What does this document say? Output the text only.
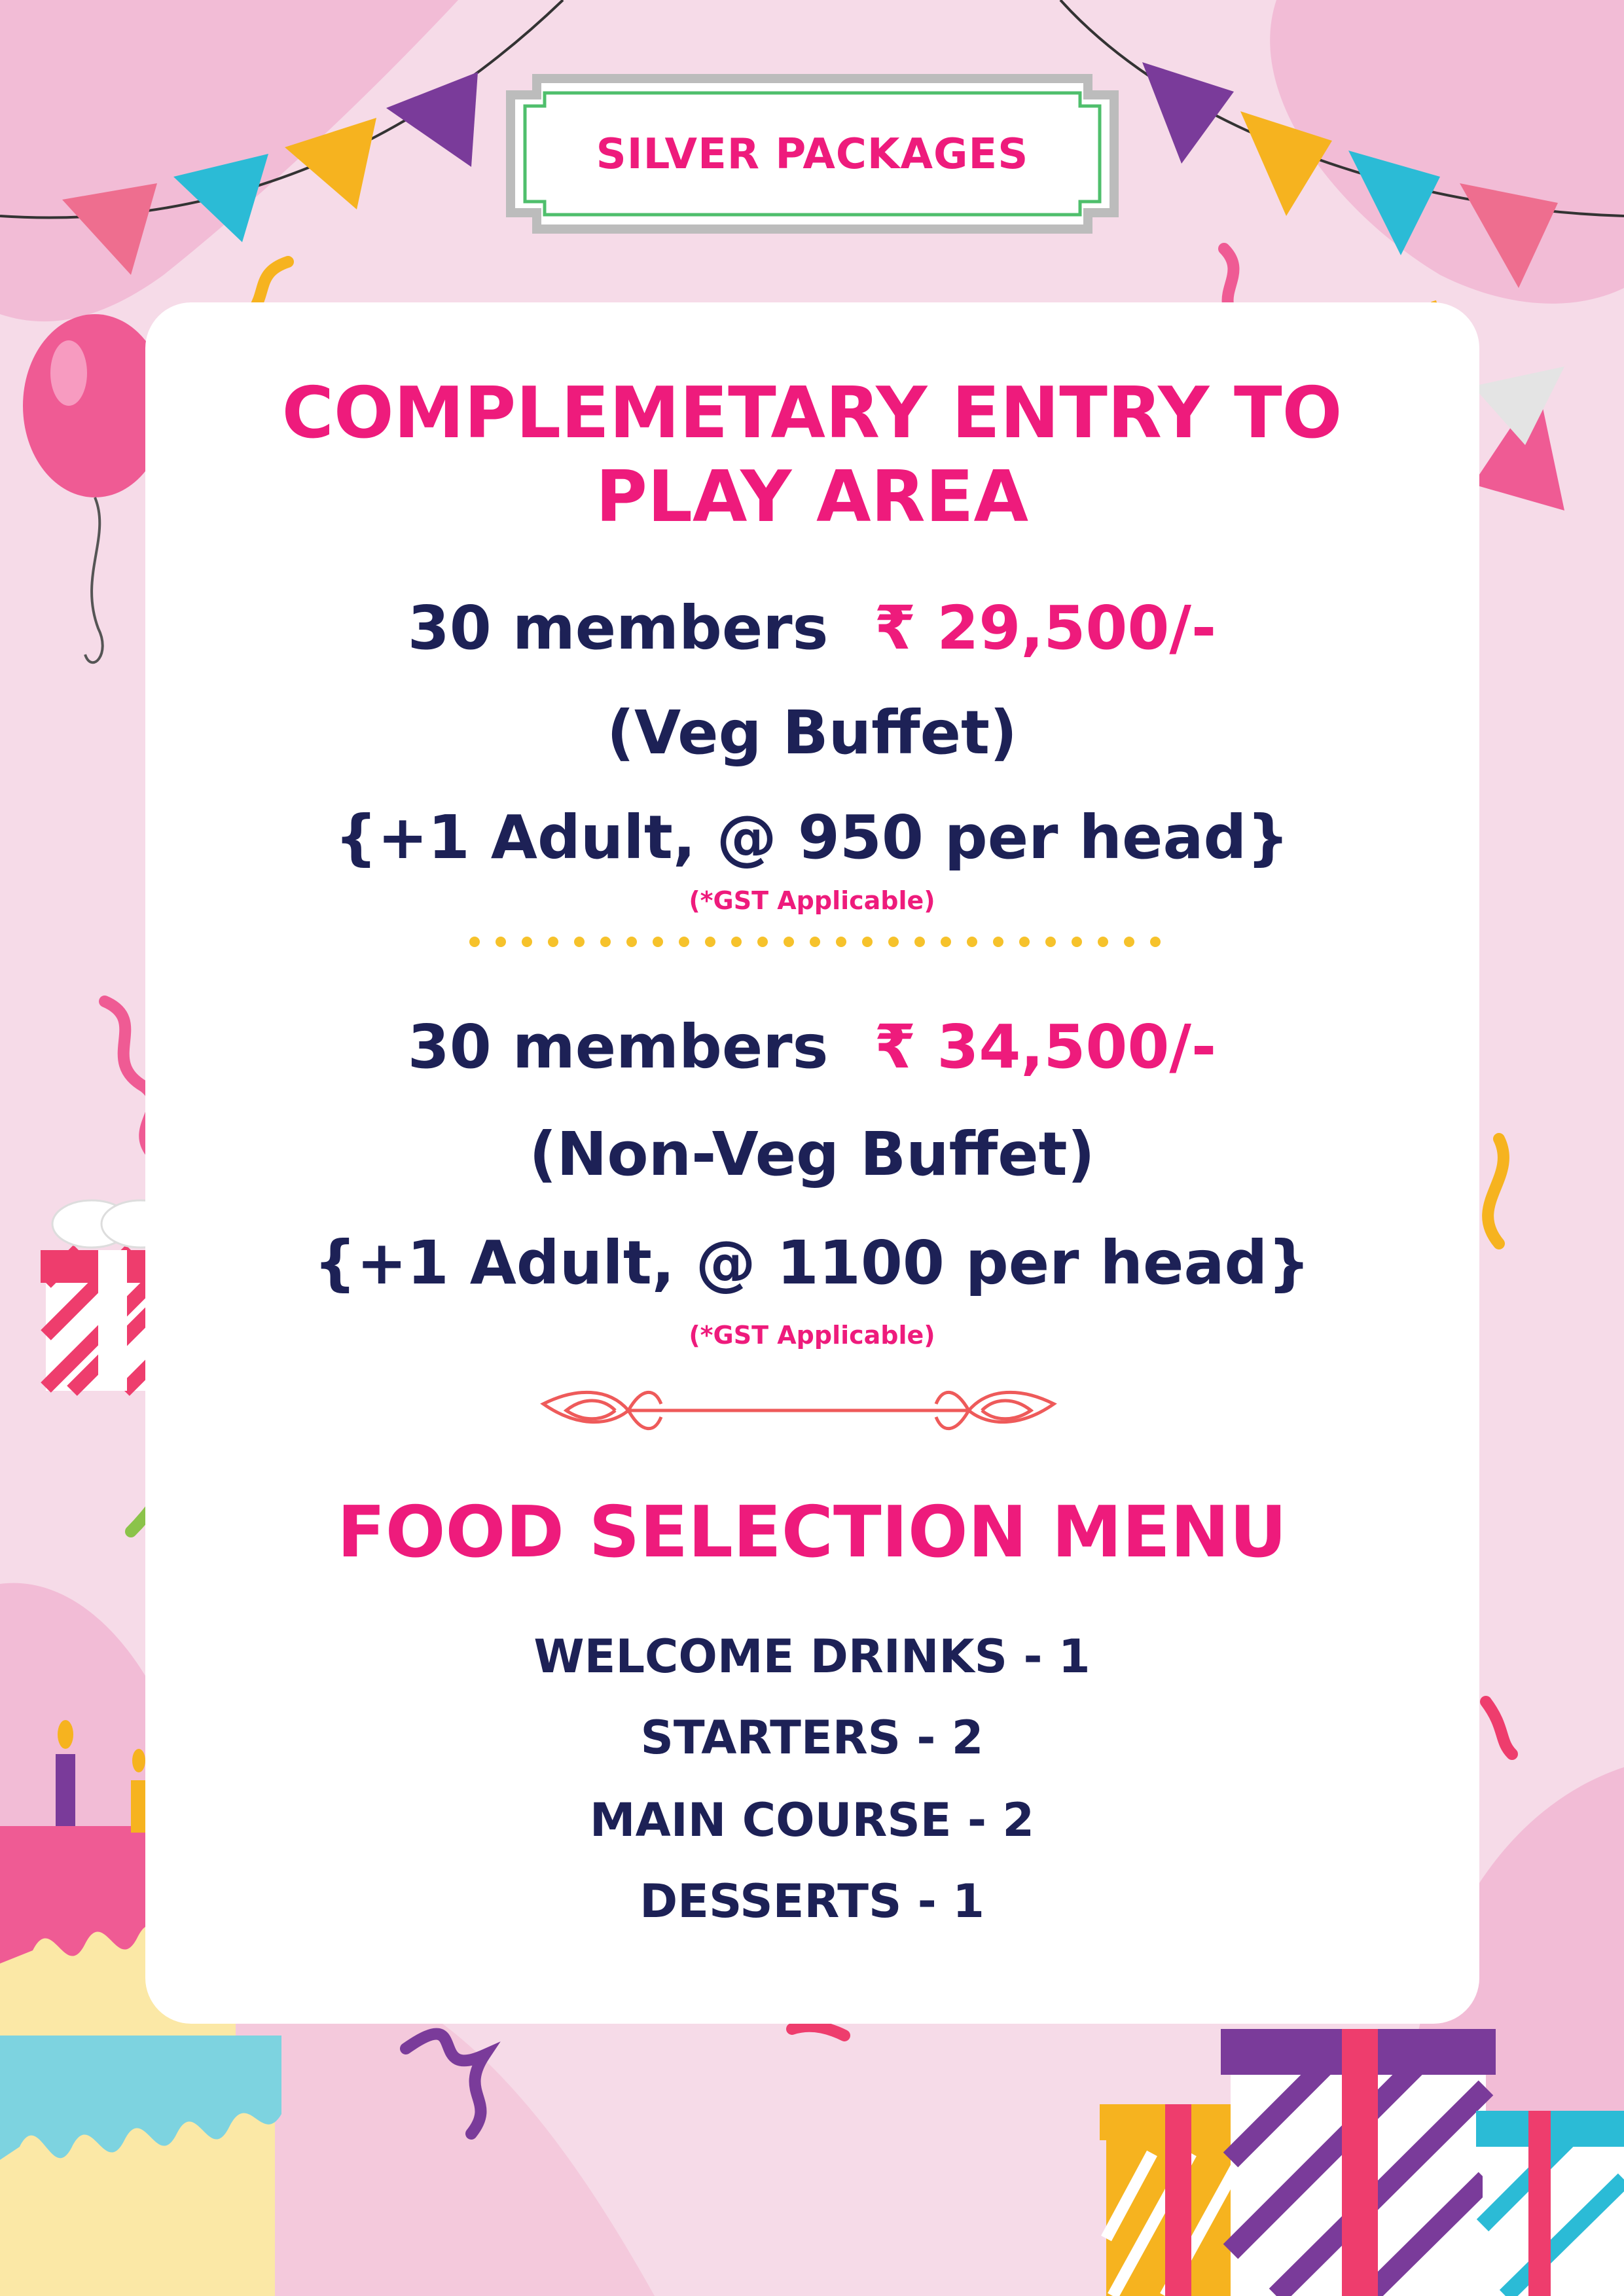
SILVER PACKAGES
COMPLEMETARY ENTRY TO
PLAY AREA
30 members ₹ 29,500/-
(Veg Buffet)
{+1 Adult, @ 950 per head}
(*GST Applicable)
30 members ₹ 34,500/-
(Non-Veg Buffet)
{+1 Adult, @ 1100 per head}
(*GST Applicable)
FOOD SELECTION MENU
WELCOME DRINKS - 1
STARTERS - 2
MAIN COURSE - 2
DESSERTS - 1
